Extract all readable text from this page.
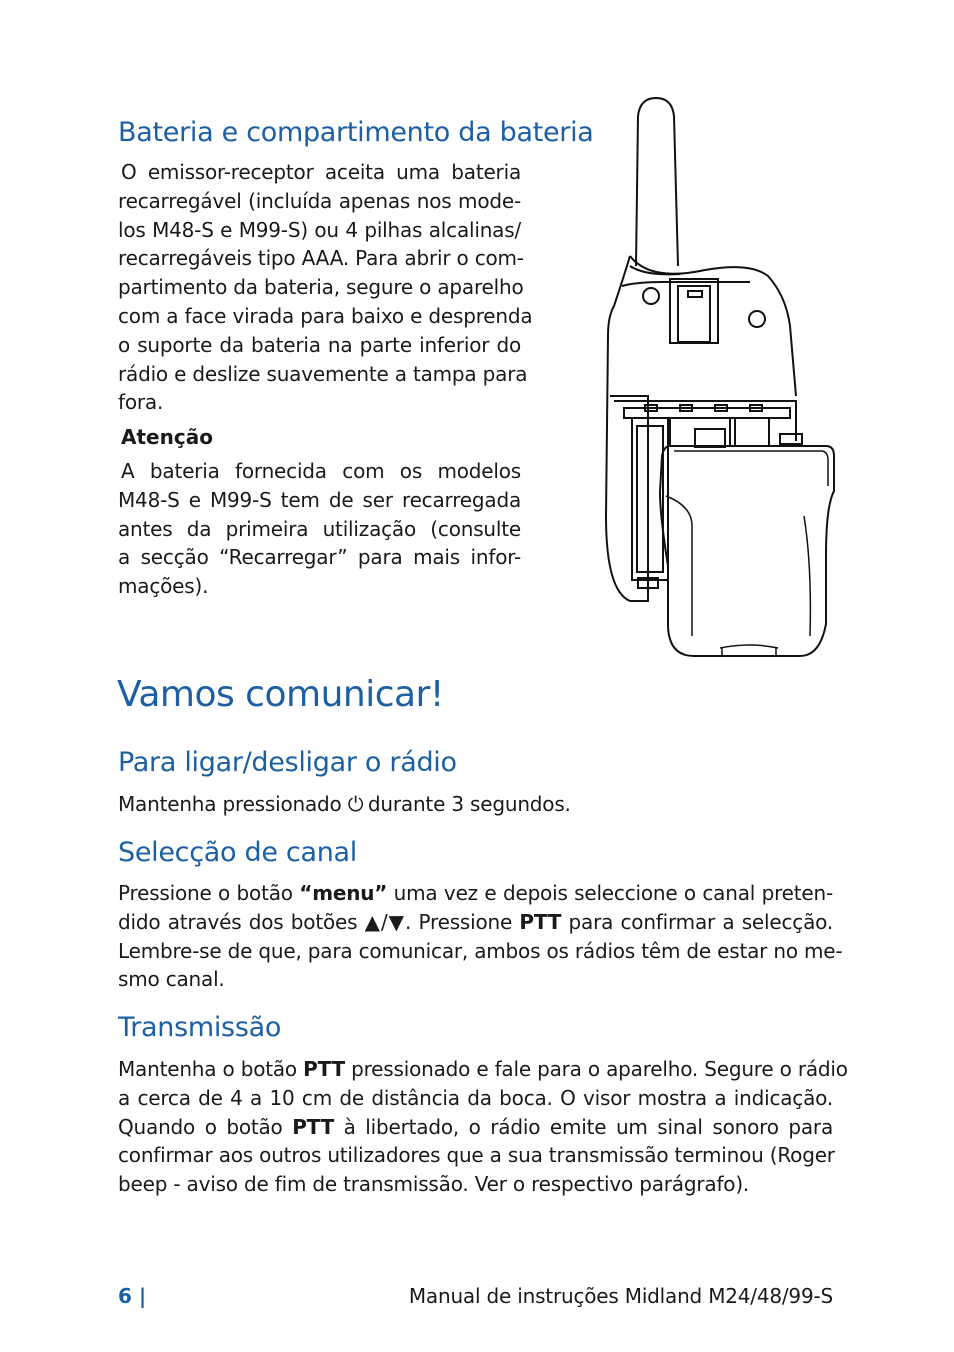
Bateria e compartimento da bateria
O emissor-receptor aceita uma bateria
recarregável (incluída apenas nos mode-
los M48-S e M99-S) ou 4 pilhas alcalinas/
recarregáveis tipo AAA. Para abrir o com-
partimento da bateria, segure o aparelho
com a face virada para baixo e desprenda
o suporte da bateria na parte inferior do
rádio e deslize suavemente a tampa para
fora.

Atenção

A bateria fornecida com os modelos
M48-S e M99-S tem de ser recarregada
antes da primeira utilização (consulte
a secção “Recarregar” para mais infor-
mações).
Vamos comunicar!
Para ligar/desligar o rádio
Mantenha pressionado ⏻ durante 3 segundos.
Selecção de canal
Pressione o botão “menu” uma vez e depois seleccione o canal preten-
dido através dos botões ▲/▼. Pressione PTT para confirmar a selecção.
Lembre-se de que, para comunicar, ambos os rádios têm de estar no me-
smo canal.
Transmissão
Mantenha o botão PTT pressionado e fale para o aparelho. Segure o rádio
a cerca de 4 a 10 cm de distância da boca. O visor mostra a indicação.
Quando o botão PTT à libertado, o rádio emite um sinal sonoro para
confirmar aos outros utilizadores que a sua transmissão terminou (Roger
beep - aviso de fim de transmissão. Ver o respectivo parágrafo).
6 |	Manual de instruções Midland M24/48/99-S
